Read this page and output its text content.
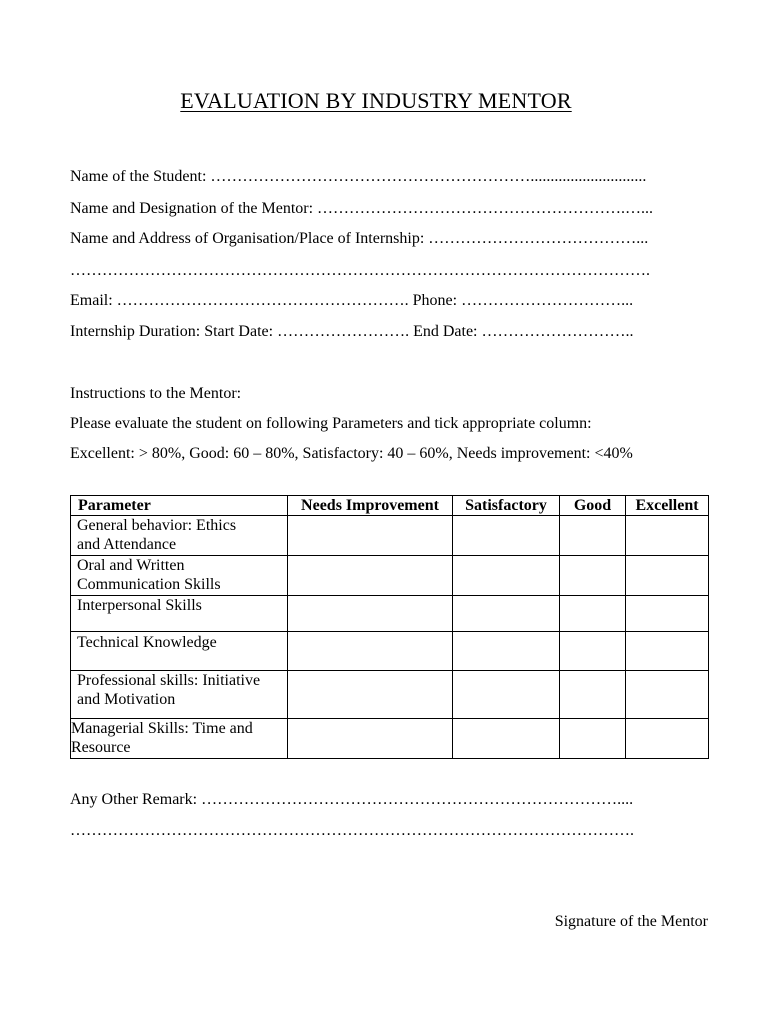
EVALUATION BY INDUSTRY MENTOR
Name of the Student: …………………………………………………….............................
Name and Designation of the Mentor: ………………………………………………….…...
Name and Address of Organisation/Place of Internship: …………………………………...
……………………………………………………………………………………………….
Email: ………………………………………………. Phone: …………………………...
Internship Duration: Start Date: ……………………. End Date: ………………………..
Instructions to the Mentor:
Please evaluate the student on following Parameters and tick appropriate column:
Excellent: > 80%, Good: 60 – 80%, Satisfactory: 40 – 60%, Needs improvement: <40%
Parameter	Needs Improvement	Satisfactory	Good	Excellent

General behavior: Ethics
and Attendance				

Oral and Written
Communication Skills				

Interpersonal Skills				

Technical Knowledge				

Professional skills: Initiative
and Motivation				

Managerial Skills: Time and
Resource				

Any Other Remark: ……………………………………………………………………....
…………………………………………………………………………………………….
Signature of the Mentor
